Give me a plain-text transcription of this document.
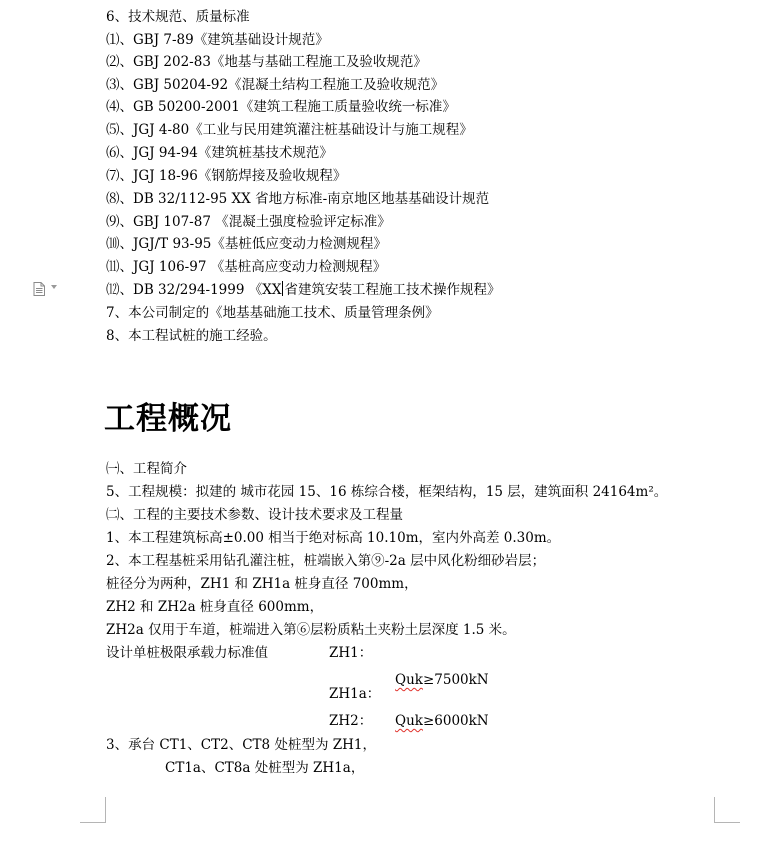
6、技术规范、质量标准
⑴、GBJ 7-89《建筑基础设计规范》
⑵、GBJ 202-83《地基与基础工程施工及验收规范》
⑶、GBJ 50204-92《混凝土结构工程施工及验收规范》
⑷、GB 50200-2001《建筑工程施工质量验收统一标准》
⑸、JGJ 4-80《工业与民用建筑灌注桩基础设计与施工规程》
⑹、JGJ 94-94《建筑桩基技术规范》
⑺、JGJ 18-96《钢筋焊接及验收规程》
⑻、DB 32/112-95 XX 省地方标准-南京地区地基基础设计规范
⑼、GBJ 107-87 《混凝土强度检验评定标准》
⑽、JGJ/T 93-95《基桩低应变动力检测规程》
⑾、JGJ 106-97 《基桩高应变动力检测规程》
⑿、DB 32/294-1999 《XX 省建筑安装工程施工技术操作规程》
7、本公司制定的《地基基础施工技术、质量管理条例》
8、本工程试桩的施工经验。
工程概况
㈠、工程简介
5、工程规模：拟建的 城市花园 15、16 栋综合楼，框架结构，15 层，建筑面积 24164m²。
㈡、工程的主要技术参数、设计技术要求及工程量
1、本工程建筑标高±0.00 相当于绝对标高 10.10m，室内外高差 0.30m。
2、本工程基桩采用钻孔灌注桩，桩端嵌入第⑨-2a 层中风化粉细砂岩层；
桩径分为两种，ZH1 和 ZH1a 桩身直径 700mm，
ZH2 和 ZH2a 桩身直径 600mm，
ZH2a 仅用于车道，桩端进入第⑥层粉质粘土夹粉土层深度 1.5 米。
设计单桩极限承载力标准值	ZH1：
Quk≥7500kN
ZH1a：
ZH2： Quk≥6000kN
3、承台 CT1、CT2、CT8 处桩型为 ZH1，
CT1a、CT8a 处桩型为 ZH1a，
